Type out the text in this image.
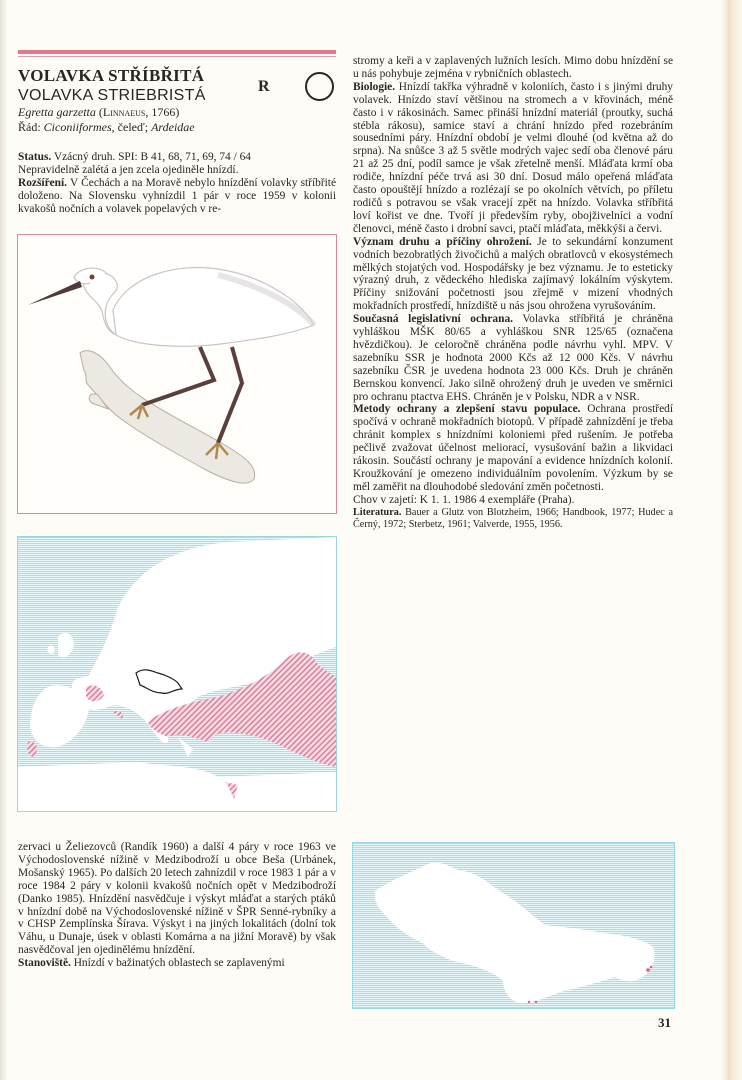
VOLAVKA STŘÍBŘITÁ
VOLAVKA STRIEBRISTÁ
Egretta garzetta (Linnaeus, 1766)
Řád: Ciconiiformes, čeleď; Ardeidae
R

Status. Vzácný druh. SPI: B 41, 68, 71, 69, 74 / 64

Nepravidelně zalétá a jen zcela ojediněle hnízdí.

Rozšíření. V Čechách a na Moravě nebylo hnízdění volavky stříbřité doloženo. Na Slovensku vyhnízdil 1 pár v roce 1959 v kolonii kvakošů nočních a volavek popelavých v re-

zervaci u Želiezovců (Randík 1960) a další 4 páry v roce 1963 ve Východoslovenské nížině v Medzibodroží u obce Beša (Urbánek, Mošanský 1965). Po dalších 20 letech zahnízdil v roce 1983 1 pár a v roce 1984 2 páry v kolonii kvakošů nočních opět v Medzibodroží (Danko 1985). Hnízdění nasvědčuje i výskyt mláďat a starých ptáků v hnízdní době na Východoslovenské nížině v ŠPR Senné-rybníky a v CHSP Zemplínska Šírava. Výskyt i na jiných lokalitách (dolní tok Váhu, u Dunaje, úsek v oblasti Komárna a na jižní Moravě) by však nasvědčoval jen ojedinělému hnízdění.

Stanoviště. Hnízdí v bažinatých oblastech se zaplavenými

stromy a keři a v zaplavených lužních lesích. Mimo dobu hnízdění se u nás pohybuje zejména v rybničních oblastech.

Biologie. Hnízdí takřka výhradně v koloniích, často i s jinými druhy volavek. Hnízdo staví většinou na stromech a v křovinách, méně často i v rákosinách. Samec přináší hnízdní materiál (proutky, suchá stébla rákosu), samice staví a chrání hnízdo před rozebráním sousedními páry. Hnízdní období je velmi dlouhé (od května až do srpna). Na snůšce 3 až 5 světle modrých vajec sedí oba členové páru 21 až 25 dní, podíl samce je však zřetelně menší. Mláďata krmí oba rodiče, hnízdní péče trvá asi 30 dní. Dosud málo opeřená mláďata často opouštějí hnízdo a rozlézají se po okolních větvích, po příletu rodičů s potravou se však vracejí zpět na hnízdo. Volavka stříbřitá loví kořist ve dne. Tvoří ji především ryby, obojživelníci a vodní členovci, méně často i drobní savci, ptačí mláďata, měkkýši a červi.

Význam druhu a příčiny ohrožení. Je to sekundární konzument vodních bezobratlých živočichů a malých obratlovců v ekosystémech mělkých stojatých vod. Hospodářsky je bez významu. Je to esteticky výrazný druh, z vědeckého hlediska zajímavý lokálním výskytem. Příčiny snižování početnosti jsou zřejmě v mizení vhodných mokřadních prostředí, hnízdiště u nás jsou ohrožena vyrušováním.

Současná legislativní ochrana. Volavka stříbřitá je chráněna vyhláškou MŠK 80/65 a vyhláškou SNR 125/65 (označena hvězdičkou). Je celoročně chráněna podle návrhu vyhl. MPV. V sazebníku SSR je hodnota 2000 Kčs až 12 000 Kčs. V návrhu sazebníku ČSR je uvedena hodnota 23 000 Kčs. Druh je chráněn Bernskou konvencí. Jako silně ohrožený druh je uveden ve směrnici pro ochranu ptactva EHS. Chráněn je v Polsku, NDR a v NSR.

Metody ochrany a zlepšení stavu populace. Ochrana prostředí spočívá v ochraně mokřadních biotopů. V případě zahnízdění je třeba chránit komplex s hnízdními koloniemi před rušením. Je potřeba pečlivě zvažovat účelnost meliorací, vysušování bažin a likvidaci rákosin. Součástí ochrany je mapování a evidence hnízdních kolonií. Kroužkování je omezeno individuálním povolením. Výzkum by se měl zaměřit na dlouhodobé sledování změn početnosti.

Chov v zajetí: K 1. 1. 1986 4 exempláře (Praha).

Literatura. Bauer a Glutz von Blotzheim, 1966; Handbook, 1977; Hudec a Černý, 1972; Sterbetz, 1961; Valverde, 1955, 1956.

31
